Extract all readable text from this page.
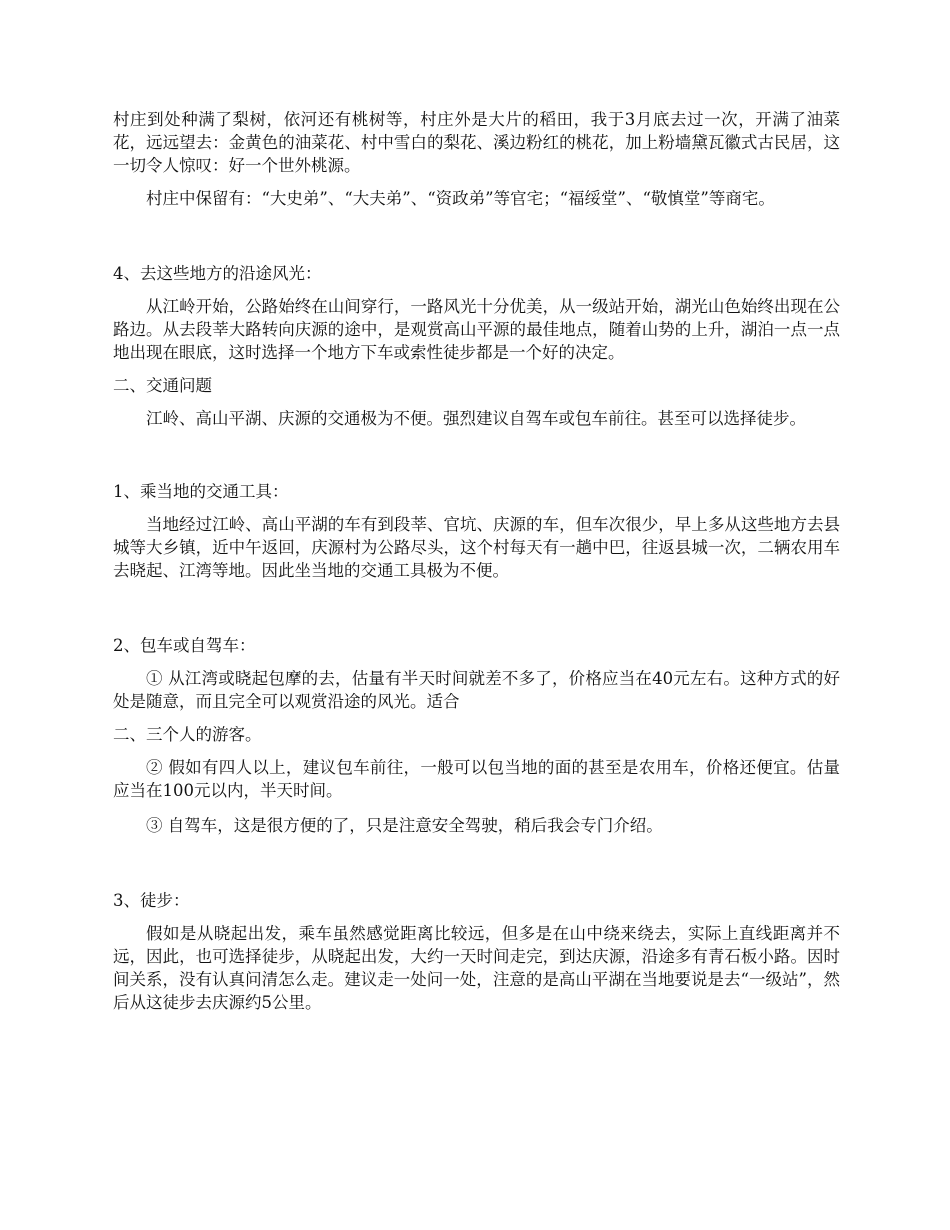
村庄到处种满了梨树，依河还有桃树等，村庄外是大片的稻田，我于3月底去过一次，开满了油菜花，远远望去：金黄色的油菜花、村中雪白的梨花、溪边粉红的桃花，加上粉墙黛瓦徽式古民居，这一切令人惊叹：好一个世外桃源。

村庄中保留有：“大史弟”、“大夫弟”、“资政弟”等官宅；“福绥堂”、“敬慎堂”等商宅。

4、去这些地方的沿途风光：

从江岭开始，公路始终在山间穿行，一路风光十分优美，从一级站开始，湖光山色始终出现在公路边。从去段莘大路转向庆源的途中，是观赏高山平源的最佳地点，随着山势的上升，湖泊一点一点地出现在眼底，这时选择一个地方下车或索性徒步都是一个好的决定。

二、交通问题

江岭、高山平湖、庆源的交通极为不便。强烈建议自驾车或包车前往。甚至可以选择徒步。

1、乘当地的交通工具：

当地经过江岭、高山平湖的车有到段莘、官坑、庆源的车，但车次很少，早上多从这些地方去县城等大乡镇，近中午返回，庆源村为公路尽头，这个村每天有一趟中巴，往返县城一次，二辆农用车去晓起、江湾等地。因此坐当地的交通工具极为不便。

2、包车或自驾车：

① 从江湾或晓起包摩的去，估量有半天时间就差不多了，价格应当在40元左右。这种方式的好处是随意，而且完全可以观赏沿途的风光。适合

二、三个人的游客。

② 假如有四人以上，建议包车前往，一般可以包当地的面的甚至是农用车，价格还便宜。估量应当在100元以内，半天时间。

③ 自驾车，这是很方便的了，只是注意安全驾驶，稍后我会专门介绍。

3、徒步：

假如是从晓起出发，乘车虽然感觉距离比较远，但多是在山中绕来绕去，实际上直线距离并不远，因此，也可选择徒步，从晓起出发，大约一天时间走完，到达庆源，沿途多有青石板小路。因时间关系，没有认真问清怎么走。建议走一处问一处，注意的是高山平湖在当地要说是去“一级站”，然后从这徒步去庆源约5公里。
